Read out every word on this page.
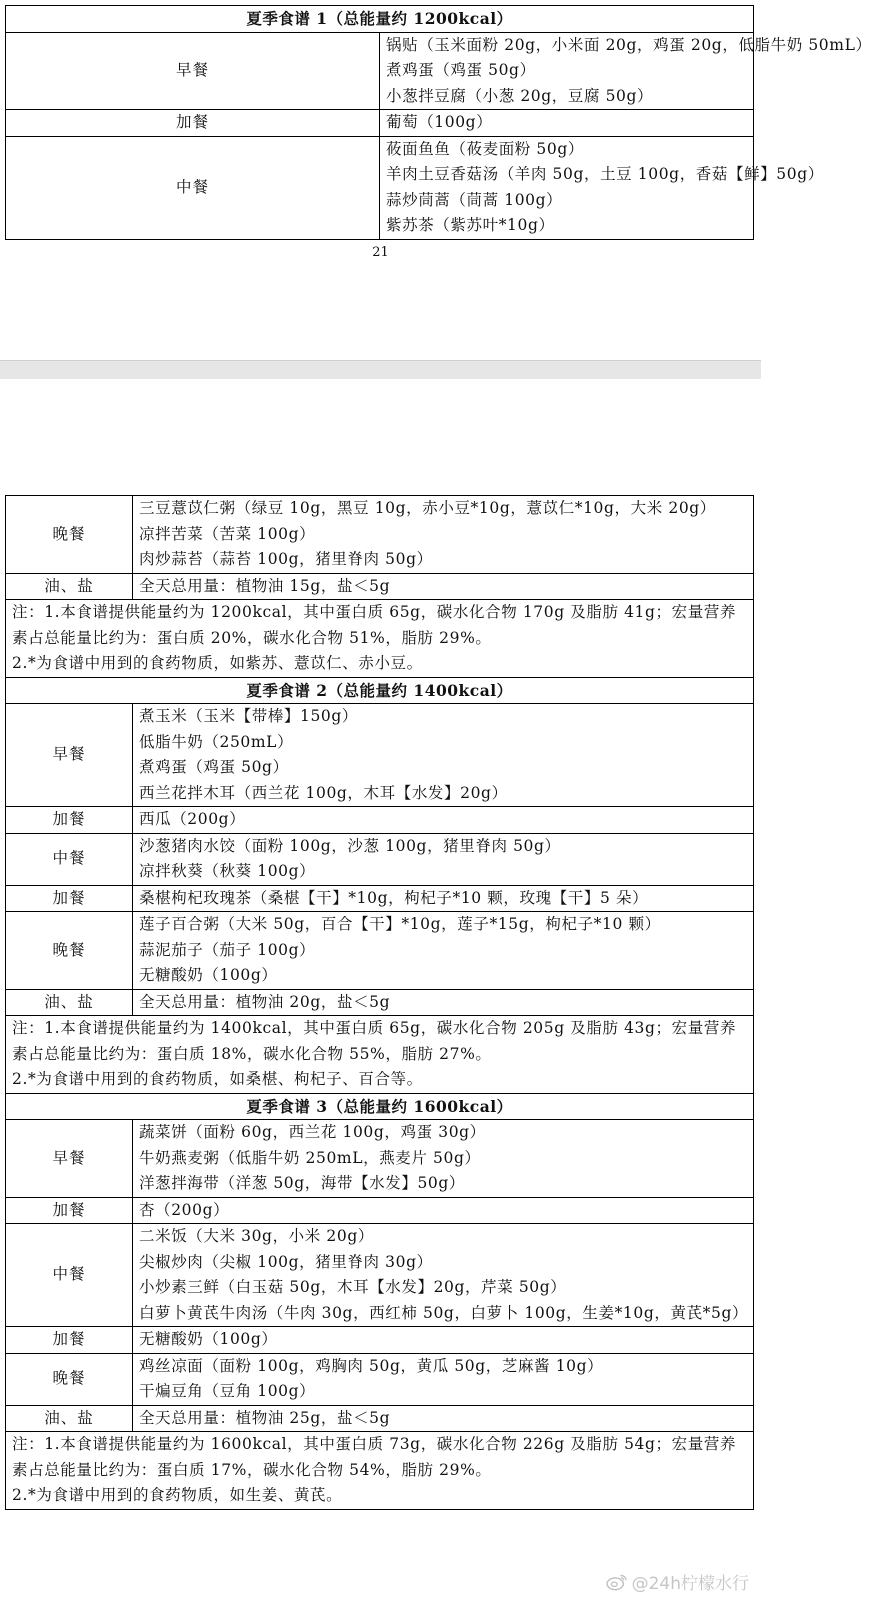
夏季食谱 1（总能量约 1200kcal）	
早餐	锅贴（玉米面粉 20g，小米面 20g，鸡蛋 20g，低脂牛奶 50mL）
煮鸡蛋（鸡蛋 50g）
小葱拌豆腐（小葱 20g，豆腐 50g）

加餐	葡萄（100g）

中餐	莜面鱼鱼（莜麦面粉 50g）
羊肉土豆香菇汤（羊肉 50g，土豆 100g，香菇【鲜】50g）
蒜炒茼蒿（茼蒿 100g）
紫苏茶（紫苏叶*10g）
21
晚餐	三豆薏苡仁粥（绿豆 10g，黑豆 10g，赤小豆*10g，薏苡仁*10g，大米 20g）
凉拌苦菜（苦菜 100g）
肉炒蒜苔（蒜苔 100g，猪里脊肉 50g）

油、盐	全天总用量：植物油 15g，盐＜5g

注：1.本食谱提供能量约为 1200kcal，其中蛋白质 65g，碳水化合物 170g 及脂肪 41g；宏量营养素占总能量比约为：蛋白质 20%，碳水化合物 51%，脂肪 29%。
2.*为食谱中用到的食药物质，如紫苏、薏苡仁、赤小豆。	

夏季食谱 2（总能量约 1400kcal）	
早餐	煮玉米（玉米【带棒】150g）
低脂牛奶（250mL）
煮鸡蛋（鸡蛋 50g）
西兰花拌木耳（西兰花 100g，木耳【水发】20g）

加餐	西瓜（200g）

中餐	沙葱猪肉水饺（面粉 100g，沙葱 100g，猪里脊肉 50g）
凉拌秋葵（秋葵 100g）

加餐	桑椹枸杞玫瑰茶（桑椹【干】*10g，枸杞子*10 颗，玫瑰【干】5 朵）

晚餐	莲子百合粥（大米 50g，百合【干】*10g，莲子*15g，枸杞子*10 颗）
蒜泥茄子（茄子 100g）
无糖酸奶（100g）

油、盐	全天总用量：植物油 20g，盐＜5g

注：1.本食谱提供能量约为 1400kcal，其中蛋白质 65g，碳水化合物 205g 及脂肪 43g；宏量营养素占总能量比约为：蛋白质 18%，碳水化合物 55%，脂肪 27%。
2.*为食谱中用到的食药物质，如桑椹、枸杞子、百合等。	

夏季食谱 3（总能量约 1600kcal）	
早餐	蔬菜饼（面粉 60g，西兰花 100g，鸡蛋 30g）
牛奶燕麦粥（低脂牛奶 250mL，燕麦片 50g）
洋葱拌海带（洋葱 50g，海带【水发】50g）

加餐	杏（200g）

中餐	二米饭（大米 30g，小米 20g）
尖椒炒肉（尖椒 100g，猪里脊肉 30g）
小炒素三鲜（白玉菇 50g，木耳【水发】20g，芹菜 50g）
白萝卜黄芪牛肉汤（牛肉 30g，西红柿 50g，白萝卜 100g，生姜*10g，黄芪*5g）

加餐	无糖酸奶（100g）

晚餐	鸡丝凉面（面粉 100g，鸡胸肉 50g，黄瓜 50g，芝麻酱 10g）
干煸豆角（豆角 100g）

油、盐	全天总用量：植物油 25g，盐＜5g

注：1.本食谱提供能量约为 1600kcal，其中蛋白质 73g，碳水化合物 226g 及脂肪 54g；宏量营养素占总能量比约为：蛋白质 17%，碳水化合物 54%，脂肪 29%。
2.*为食谱中用到的食药物质，如生姜、黄芪。	
@24h柠檬水行
